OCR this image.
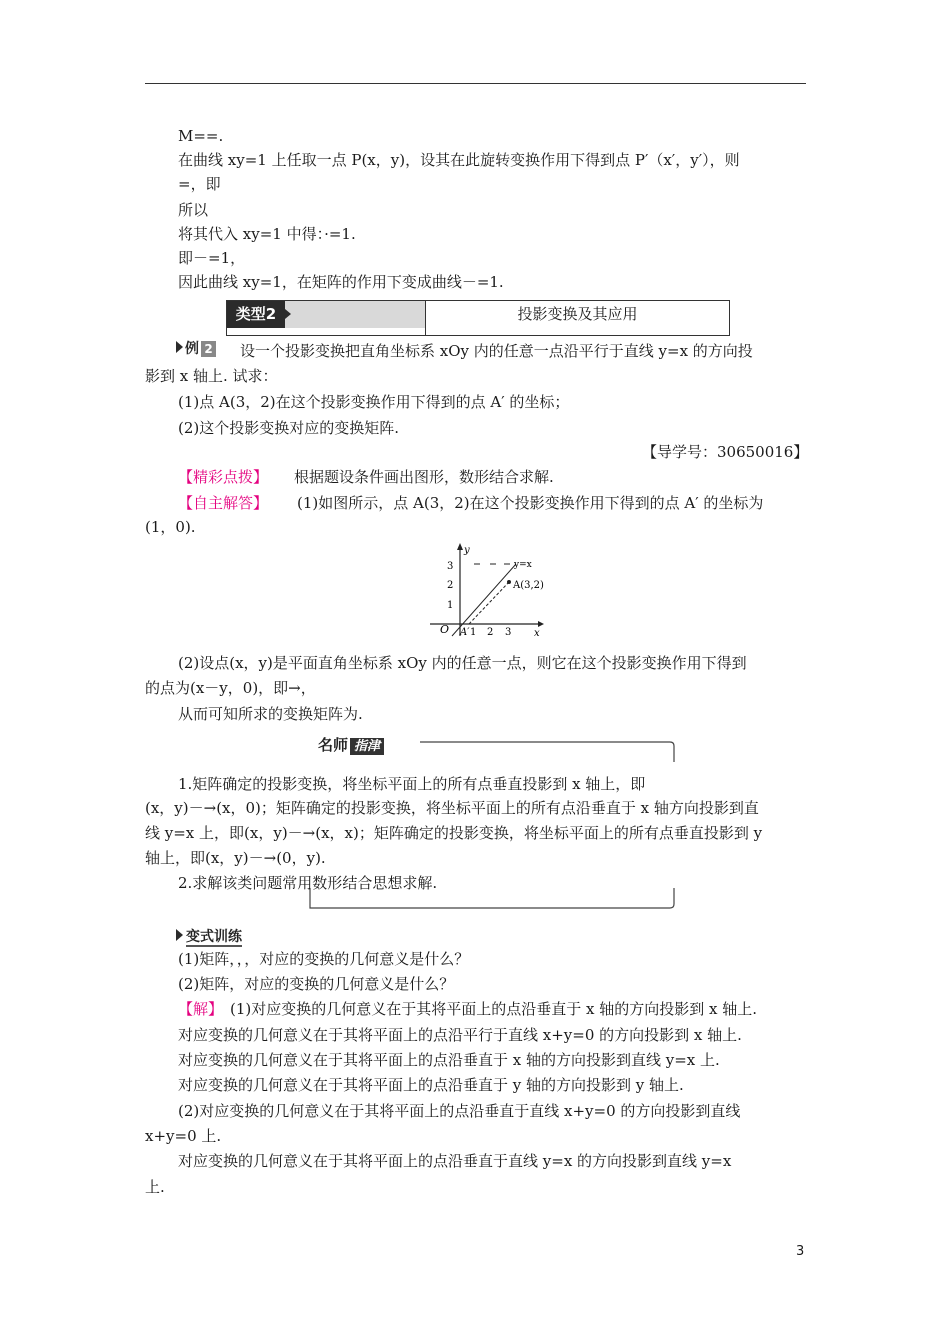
M==.
在曲线 xy=1 上任取一点 P(x，y)，设其在此旋转变换作用下得到点 P′（x′，y′），则
=，即
所以
将其代入 xy=1 中得：·=1.
即－=1，
因此曲线 xy=1，在矩阵的作用下变成曲线－=1.
类型2	投影变换及其应用
例 2	设一个投影变换把直角坐标系 xOy 内的任意一点沿平行于直线 y=x 的方向投
影到 x 轴上. 试求：
(1)点 A(3，2)在这个投影变换作用下得到的点 A′ 的坐标；
(2)这个投影变换对应的变换矩阵.
【导学号：30650016】
【精彩点拨】 根据题设条件画出图形，数形结合求解.
【自主解答】 (1)如图所示，点 A(3，2)在这个投影变换作用下得到的点 A′ 的坐标为
(1，0).
y
x
y=x
A(3,2)
A′
O 1 2 3
1
2
3
(2)设点(x，y)是平面直角坐标系 xOy 内的任意一点，则它在这个投影变换作用下得到
的点为(x－y，0)，即→，
从而可知所求的变换矩阵为.
名师 指津
1.矩阵确定的投影变换，将坐标平面上的所有点垂直投影到 x 轴上，即
(x，y)－→(x，0)；矩阵确定的投影变换，将坐标平面上的所有点沿垂直于 x 轴方向投影到直
线 y=x 上，即(x，y)－→(x，x)；矩阵确定的投影变换，将坐标平面上的所有点垂直投影到 y
轴上，即(x，y)－→(0，y).
2.求解该类问题常用数形结合思想求解.
变式训练
(1)矩阵，，，对应的变换的几何意义是什么？
(2)矩阵，对应的变换的几何意义是什么？
【解】 (1)对应变换的几何意义在于其将平面上的点沿垂直于 x 轴的方向投影到 x 轴上.
对应变换的几何意义在于其将平面上的点沿平行于直线 x+y=0 的方向投影到 x 轴上.
对应变换的几何意义在于其将平面上的点沿垂直于 x 轴的方向投影到直线 y=x 上.
对应变换的几何意义在于其将平面上的点沿垂直于 y 轴的方向投影到 y 轴上.
(2)对应变换的几何意义在于其将平面上的点沿垂直于直线 x+y=0 的方向投影到直线
x+y=0 上.
对应变换的几何意义在于其将平面上的点沿垂直于直线 y=x 的方向投影到直线 y=x
上.
3
